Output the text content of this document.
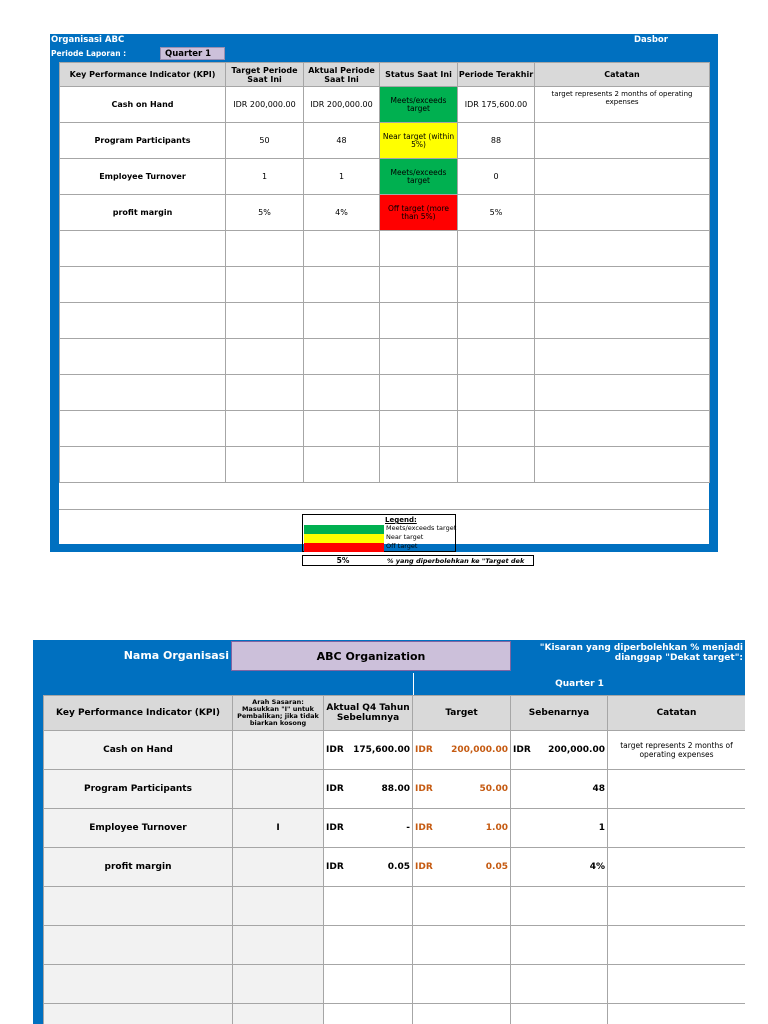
Organisasi ABC	Dasbor
Periode Laporan :	Quarter 1
Key Performance Indicator (KPI)	Target Periode Saat Ini	Aktual Periode Saat Ini	Status Saat Ini	Periode Terakhir	Catatan
Cash on Hand	IDR 200,000.00	IDR 200,000.00	Meets/exceeds target	IDR 175,600.00	target represents 2 months of operating expenses
Program Participants	50	48	Near target (within 5%)	88	
Employee Turnover	1	1	Meets/exceeds target	0	
profit margin	5%	4%	Off target (more than 5%)	5%	

Legend:
Meets/exceeds target
Near target
Off target
5%	% yang diperbolehkan ke "Target dek
Nama Organisasi	ABC Organization
"Kisaran yang diperbolehkan % menjadi dianggap "Dekat target":
Quarter 1
Key Performance Indicator (KPI)	Arah Sasaran: Masukkan "I" untuk Pembalikan; jika tidak biarkan kosong	Aktual Q4 Tahun Sebelumnya	Target	Sebenarnya	Catatan
Cash on Hand		IDR 175,600.00	IDR 200,000.00	IDR 200,000.00	target represents 2 months of operating expenses
Program Participants		IDR 88.00	IDR 50.00	48	
Employee Turnover	I	IDR -	IDR 1.00	1	
profit margin		IDR 0.05	IDR 0.05	4%	
